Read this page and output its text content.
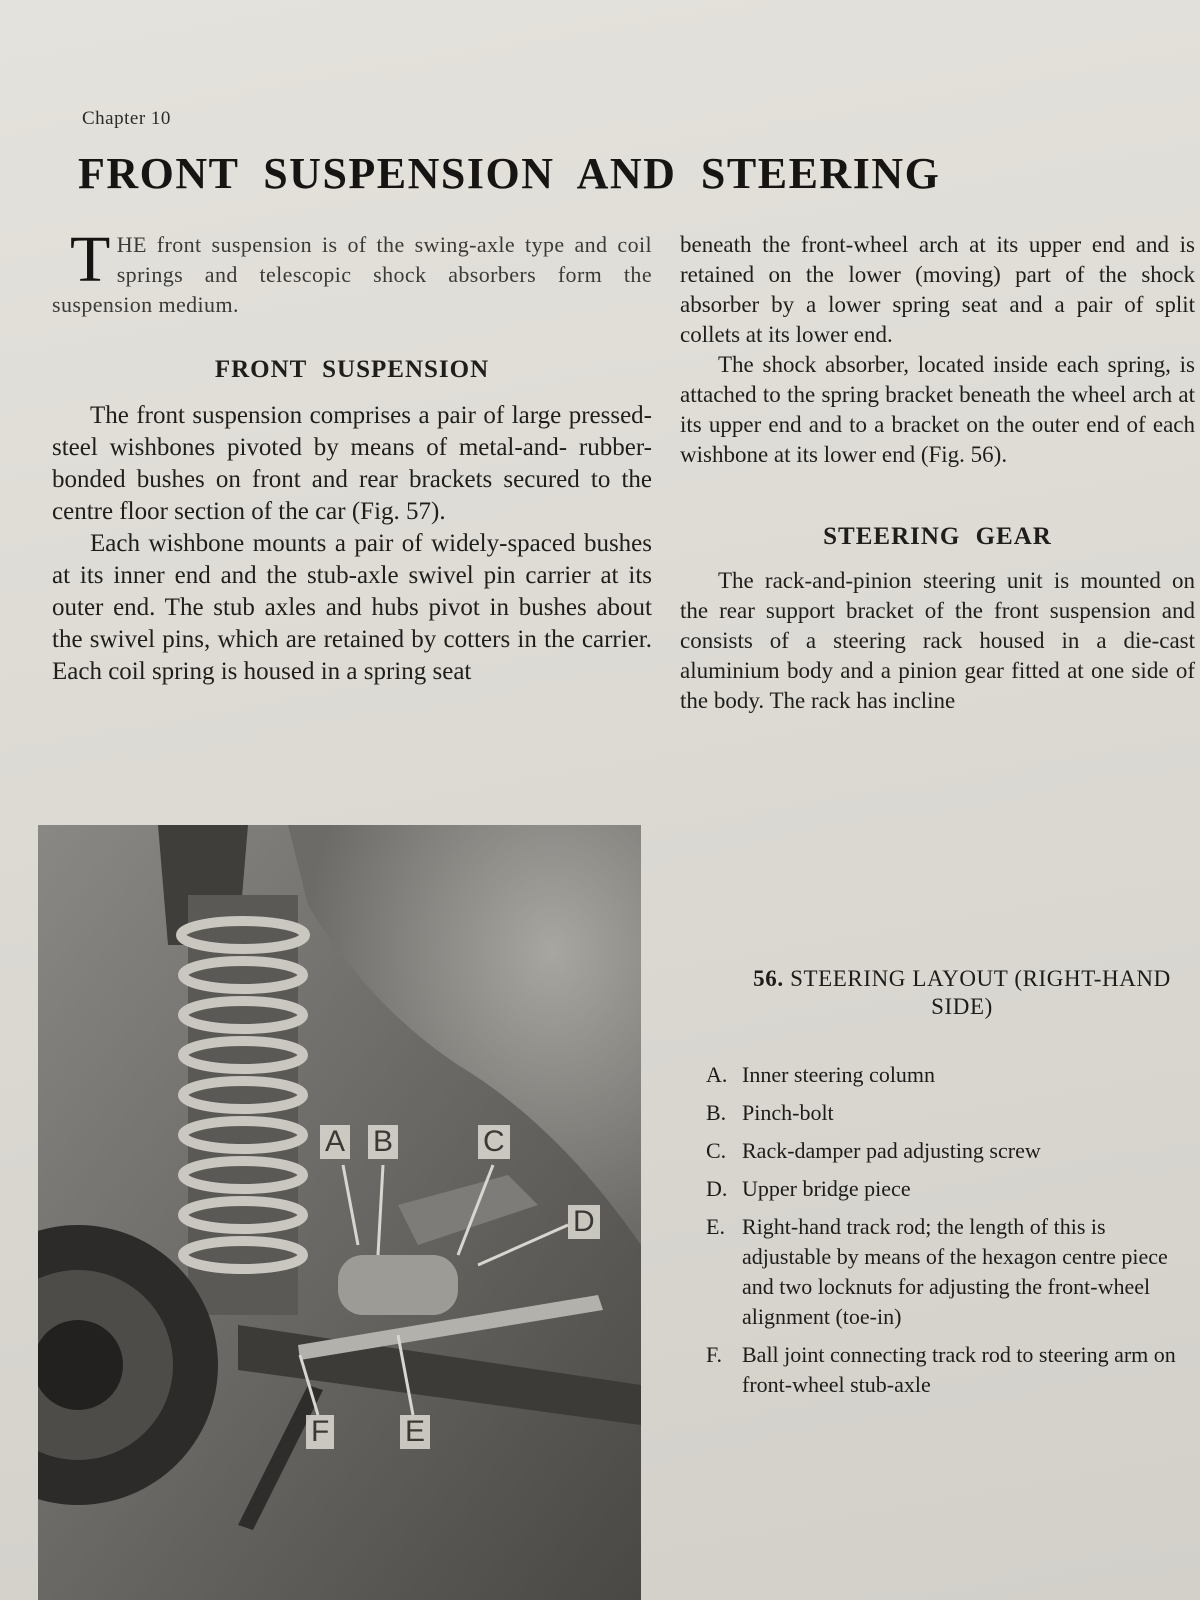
Chapter 10
FRONT SUSPENSION AND STEERING

THE front suspension is of the swing-axle type and coil springs and telescopic shock absorbers form the suspension medium.

FRONT SUSPENSION

The front suspension comprises a pair of large pressed-steel wishbones pivoted by means of metal-and- rubber-bonded bushes on front and rear brackets secured to the centre floor section of the car (Fig. 57).

Each wishbone mounts a pair of widely-spaced bushes at its inner end and the stub-axle swivel pin carrier at its outer end. The stub axles and hubs pivot in bushes about the swivel pins, which are retained by cotters in the carrier. Each coil spring is housed in a spring seat

beneath the front-wheel arch at its upper end and is retained on the lower (moving) part of the shock absorber by a lower spring seat and a pair of split collets at its lower end.

The shock absorber, located inside each spring, is attached to the spring bracket beneath the wheel arch at its upper end and to a bracket on the outer end of each wishbone at its lower end (Fig. 56).

STEERING GEAR

The rack-and-pinion steering unit is mounted on the rear support bracket of the front suspension and consists of a steering rack housed in a die-cast aluminium body and a pinion gear fitted at one side of the body. The rack has incline

A B	C
D
E
F
56. STEERING LAYOUT (RIGHT-HAND SIDE)
A. Inner steering column
B. Pinch-bolt
C. Rack-damper pad adjusting screw
D. Upper bridge piece
E. Right-hand track rod; the length of this is adjustable by means of the hexagon centre piece and two locknuts for adjusting the front-wheel alignment (toe-in)
F. Ball joint connecting track rod to steering arm on front-wheel stub-axle
